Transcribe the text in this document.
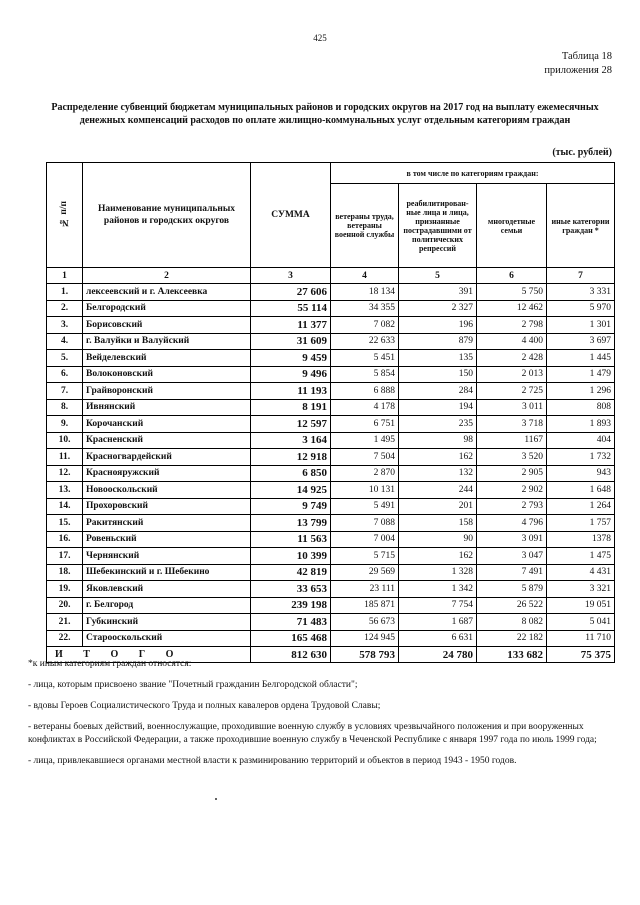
425
Таблица 18
приложения 28
Распределение субвенций бюджетам муниципальных районов и городских округов на 2017 год на выплату ежемесячных денежных компенсаций расходов по оплате жилищно-коммунальных услуг отдельным категориям граждан
(тыс. рублей)
№ п/п	Наименование муниципальных районов и городских округов	СУММА	в том числе по категориям граждан:			
			ветераны труда, ветераны военной службы	реабилитирован-ные лица и лица, признанные пострадавшими от политических репрессий	многодетные семьи	иные категории граждан *
1	2	3	4	5	6	7
1.	лексеевский и г. Алексеевка	27 606	18 134	391	5 750	3 331
2.	Белгородский	55 114	34 355	2 327	12 462	5 970
3.	Борисовский	11 377	7 082	196	2 798	1 301
4.	г. Валуйки и Валуйский	31 609	22 633	879	4 400	3 697
5.	Вейделевский	9 459	5 451	135	2 428	1 445
6.	Волоконовский	9 496	5 854	150	2 013	1 479
7.	Грайворонский	11 193	6 888	284	2 725	1 296
8.	Ивнянский	8 191	4 178	194	3 011	808
9.	Корочанский	12 597	6 751	235	3 718	1 893
10.	Красненский	3 164	1 495	98	1167	404
11.	Красногвардейский	12 918	7 504	162	3 520	1 732
12.	Краснояружский	6 850	2 870	132	2 905	943
13.	Новооскольский	14 925	10 131	244	2 902	1 648
14.	Прохоровский	9 749	5 491	201	2 793	1 264
15.	Ракитянский	13 799	7 088	158	4 796	1 757
16.	Ровеньский	11 563	7 004	90	3 091	1378
17.	Чернянский	10 399	5 715	162	3 047	1 475
18.	Шебекинский и г. Шебекино	42 819	29 569	1 328	7 491	4 431
19.	Яковлевский	33 653	23 111	1 342	5 879	3 321
20.	г. Белгород	239 198	185 871	7 754	26 522	19 051
21.	Губкинский	71 483	56 673	1 687	8 082	5 041
22.	Старооскольский	165 468	124 945	6 631	22 182	11 710
И Т О Г О		812 630	578 793	24 780	133 682	75 375

*к иным категориям граждан относятся:

- лица, которым присвоено звание "Почетный гражданин Белгородской области";

- вдовы Героев Социалистического Труда и полных кавалеров ордена Трудовой Славы;

- ветераны боевых действий, военнослужащие, проходившие военную службу в условиях чрезвычайного положения и при вооруженных конфликтах в Российской Федерации, а также проходившие военную службу в Чеченской Республике с января 1997 года по июль 1999 года;

- лица, привлекавшиеся органами местной власти к разминированию территорий и объектов в период 1943 - 1950 годов.
